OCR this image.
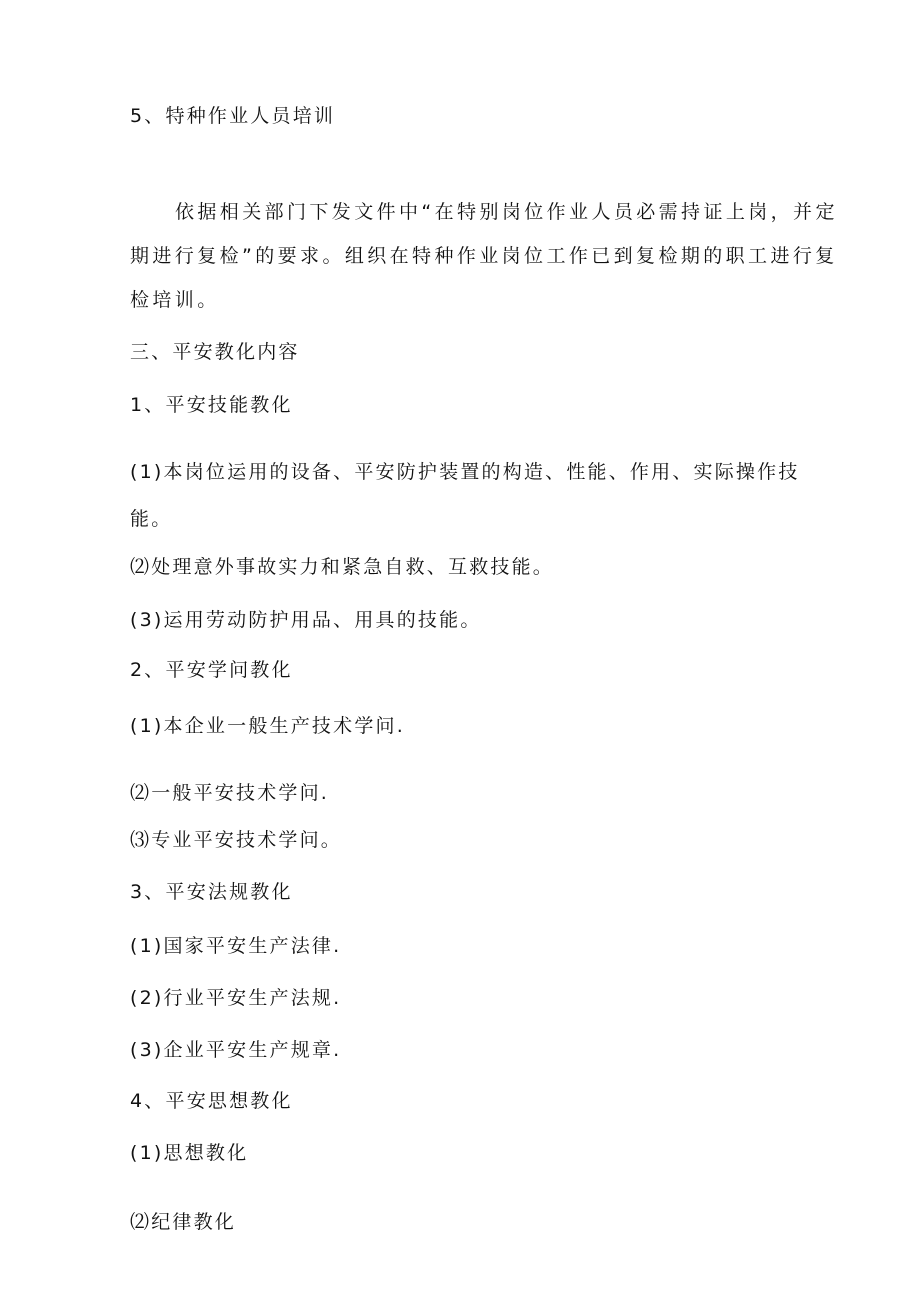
5、特种作业人员培训
依据相关部门下发文件中“在特别岗位作业人员必需持证上岗，并定
期进行复检”的要求。组织在特种作业岗位工作已到复检期的职工进行复
检培训。
三、平安教化内容
1、平安技能教化
(1)本岗位运用的设备、平安防护装置的构造、性能、作用、实际操作技
能。
⑵处理意外事故实力和紧急自救、互救技能。
(3)运用劳动防护用品、用具的技能。
2、平安学问教化
(1)本企业一般生产技术学问.
⑵一般平安技术学问.
⑶专业平安技术学问。
3、平安法规教化
(1)国家平安生产法律.
(2)行业平安生产法规.
(3)企业平安生产规章.
4、平安思想教化
(1)思想教化
⑵纪律教化
